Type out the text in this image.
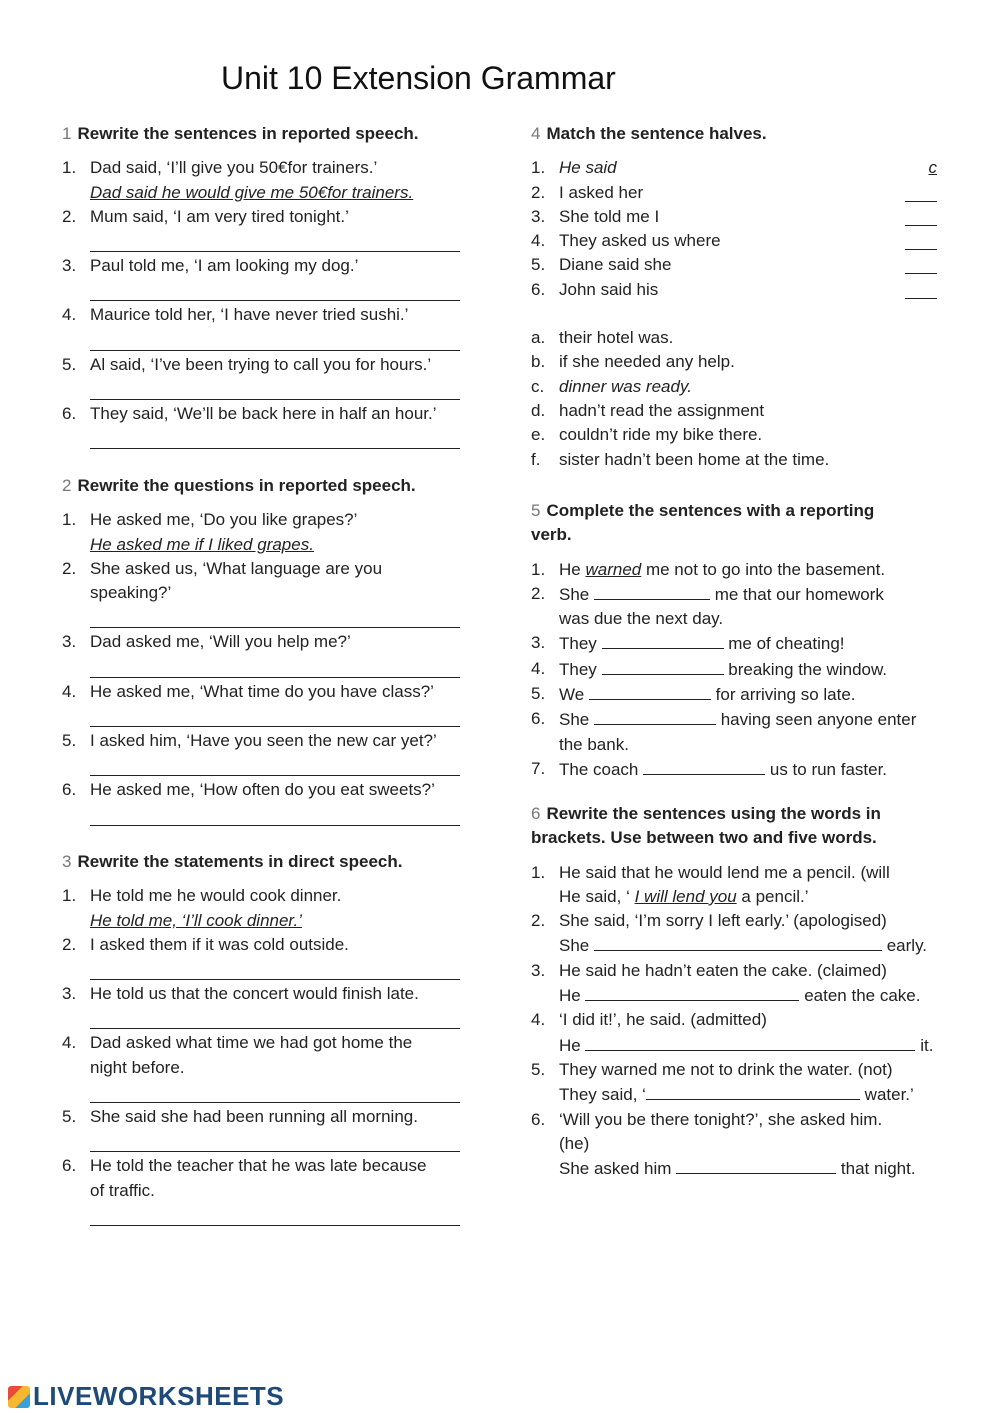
Unit 10 Extension Grammar
1 Rewrite the sentences in reported speech.
1. Dad said, ‘I’ll give you 50€for trainers.’
Dad said he would give me 50€for trainers.
2. Mum said, ‘I am very tired tonight.’
3. Paul told me, ‘I am looking my dog.’
4. Maurice told her, ‘I have never tried sushi.’
5. Al said, ‘I’ve been trying to call you for hours.’
6. They said, ‘We’ll be back here in half an hour.’
2 Rewrite the questions in reported speech.
1. He asked me, ‘Do you like grapes?’
He asked me if I liked grapes.
2. She asked us, ‘What language are you
speaking?’
3. Dad asked me, ‘Will you help me?’
4. He asked me, ‘What time do you have class?’
5. I asked him, ‘Have you seen the new car yet?’
6. He asked me, ‘How often do you eat sweets?’
3 Rewrite the statements in direct speech.
1. He told me he would cook dinner.
He told me, ‘I’ll cook dinner.’
2. I asked them if it was cold outside.
3. He told us that the concert would finish late.
4. Dad asked what time we had got home the
night before.
5. She said she had been running all morning.
6. He told the teacher that he was late because
of traffic.
4 Match the sentence halves.
1. He said	c
2. I asked her
3. She told me I
4. They asked us where
5. Diane said she
6. John said his
a. their hotel was.
b. if she needed any help.
c. dinner was ready.
d. hadn’t read the assignment
e. couldn’t ride my bike there.
f. sister hadn’t been home at the time.
5 Complete the sentences with a reporting
verb.
1. He warned me not to go into the basement.
2. She	me that our homework
was due the next day.
3. They	me of cheating!
4. They	breaking the window.
5. We	for arriving so late.
6. She	having seen anyone enter
the bank.
7. The coach	us to run faster.
6 Rewrite the sentences using the words in
brackets. Use between two and five words.
1. He said that he would lend me a pencil. (will
He said, ‘ I will lend you a pencil.’
2. She said, ‘I’m sorry I left early.’ (apologised)
She	early.
3. He said he hadn’t eaten the cake. (claimed)
He	eaten the cake.
4. ‘I did it!’, he said. (admitted)
He	it.
5. They warned me not to drink the water. (not)
They said, ‘	water.’
6. ‘Will you be there tonight?’, she asked him.
(he)
She asked him	that night.
LIVEWORKSHEETS
